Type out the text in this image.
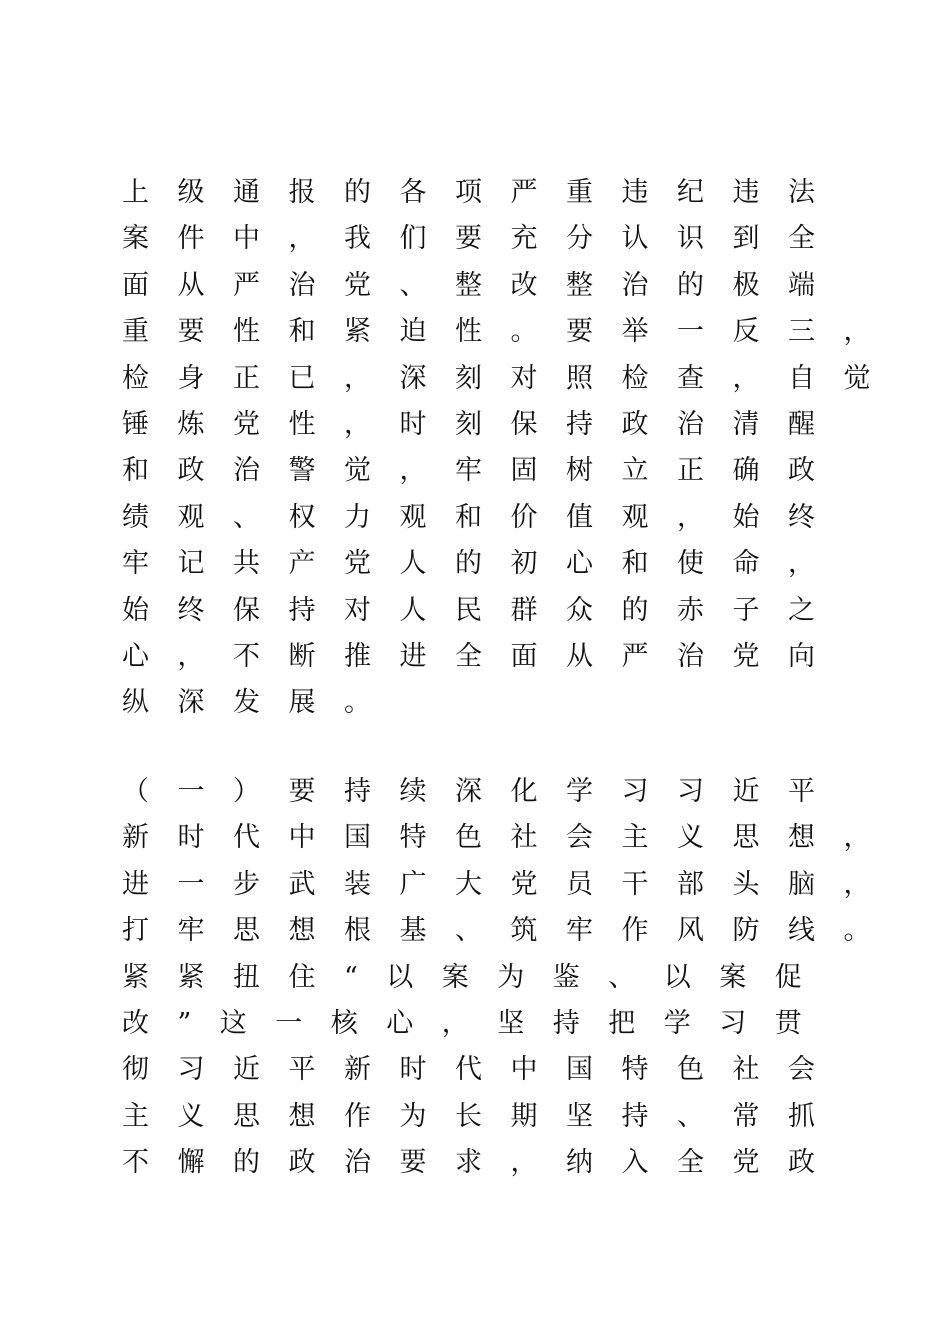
上级通报的各项严重违纪违法
案件中，我们要充分认识到全
面从严治党、整改整治的极端
重要性和紧迫性。要举一反三，
检身正已，深刻对照检查，自觉
锤炼党性，时刻保持政治清醒
和政治警觉，牢固树立正确政
绩观、权力观和价值观，始终
牢记共产党人的初心和使命，
始终保持对人民群众的赤子之
心，不断推进全面从严治党向
纵深发展。
（一）要持续深化学习习近平
新时代中国特色社会主义思想，
进一步武装广大党员干部头脑，
打牢思想根基、筑牢作风防线。
紧紧扭住“以案为鉴、以案促
改”这一核心，坚持把学习贯
彻习近平新时代中国特色社会
主义思想作为长期坚持、常抓
不懈的政治要求，纳入全党政
